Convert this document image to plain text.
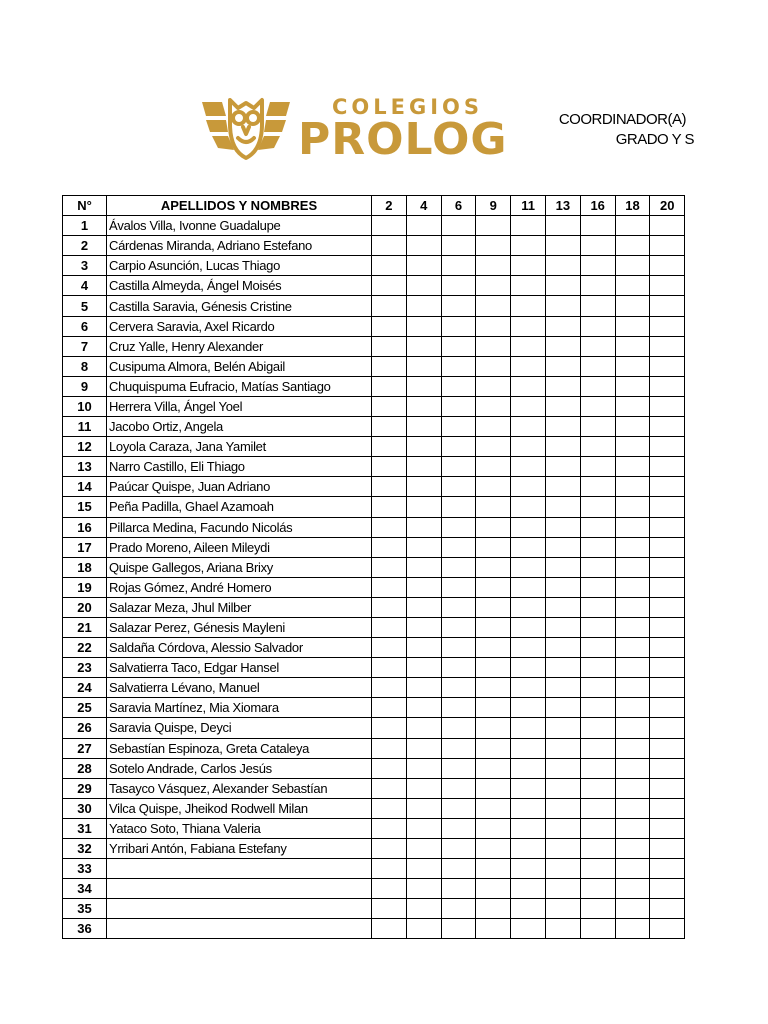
COLEGIOS
PROLOG	COORDINADOR(A)
GRADO Y S
N°	APELLIDOS Y NOMBRES	2	4	6	9	11	13	16	18	20
1	Ávalos Villa, Ivonne Guadalupe									
2	Cárdenas Miranda, Adriano Estefano									
3	Carpio Asunción, Lucas Thiago									
4	Castilla Almeyda, Ángel Moisés									
5	Castilla Saravia, Génesis Cristine									
6	Cervera Saravia, Axel Ricardo									
7	Cruz Yalle, Henry Alexander									
8	Cusipuma Almora, Belén Abigail									
9	Chuquispuma Eufracio, Matías Santiago									
10	Herrera Villa, Ángel Yoel									
11	Jacobo Ortiz, Angela									
12	Loyola Caraza, Jana Yamilet									
13	Narro Castillo, Eli Thiago									
14	Paúcar Quispe, Juan Adriano									
15	Peña Padilla, Ghael Azamoah									
16	Pillarca Medina, Facundo Nicolás									
17	Prado Moreno, Aileen Mileydi									
18	Quispe Gallegos, Ariana Brixy									
19	Rojas Gómez, André Homero									
20	Salazar Meza, Jhul Milber									
21	Salazar Perez, Génesis Mayleni									
22	Saldaña Córdova, Alessio Salvador									
23	Salvatierra Taco, Edgar Hansel									
24	Salvatierra Lévano, Manuel									
25	Saravia Martínez, Mia Xiomara									
26	Saravia Quispe, Deyci									
27	Sebastían Espinoza, Greta Cataleya									
28	Sotelo Andrade, Carlos Jesús									
29	Tasayco Vásquez, Alexander Sebastían									
30	Vilca Quispe, Jheikod Rodwell Milan									
31	Yataco Soto, Thiana Valeria									
32	Yrribari Antón, Fabiana Estefany									
33										
34										
35										
36										
